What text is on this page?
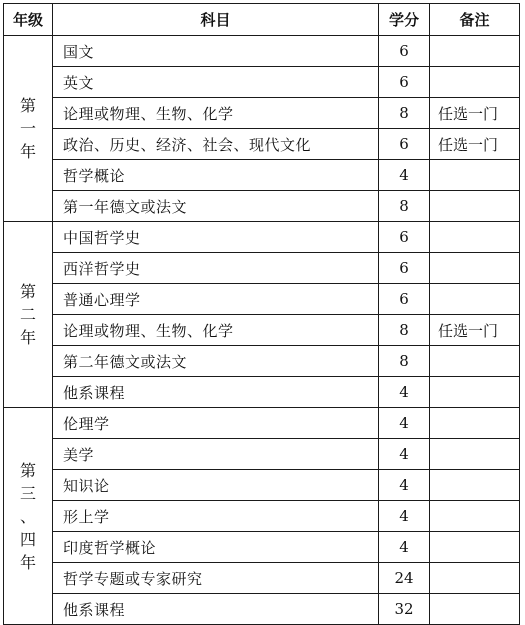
年级	科目	学分	备注
第
一
年	国文	6	
	英文	6	
	论理或物理、生物、化学	8	任选一门
	政治、历史、经济、社会、现代文化	6	任选一门
	哲学概论	4	
	第一年德文或法文	8	
第
二
年	中国哲学史	6	
	西洋哲学史	6	
	普通心理学	6	
	论理或物理、生物、化学	8	任选一门
	第二年德文或法文	8	
	他系课程	4	
第
三
、
四
年	伦理学	4	
	美学	4	
	知识论	4	
	形上学	4	
	印度哲学概论	4	
	哲学专题或专家研究	24	
	他系课程	32	
